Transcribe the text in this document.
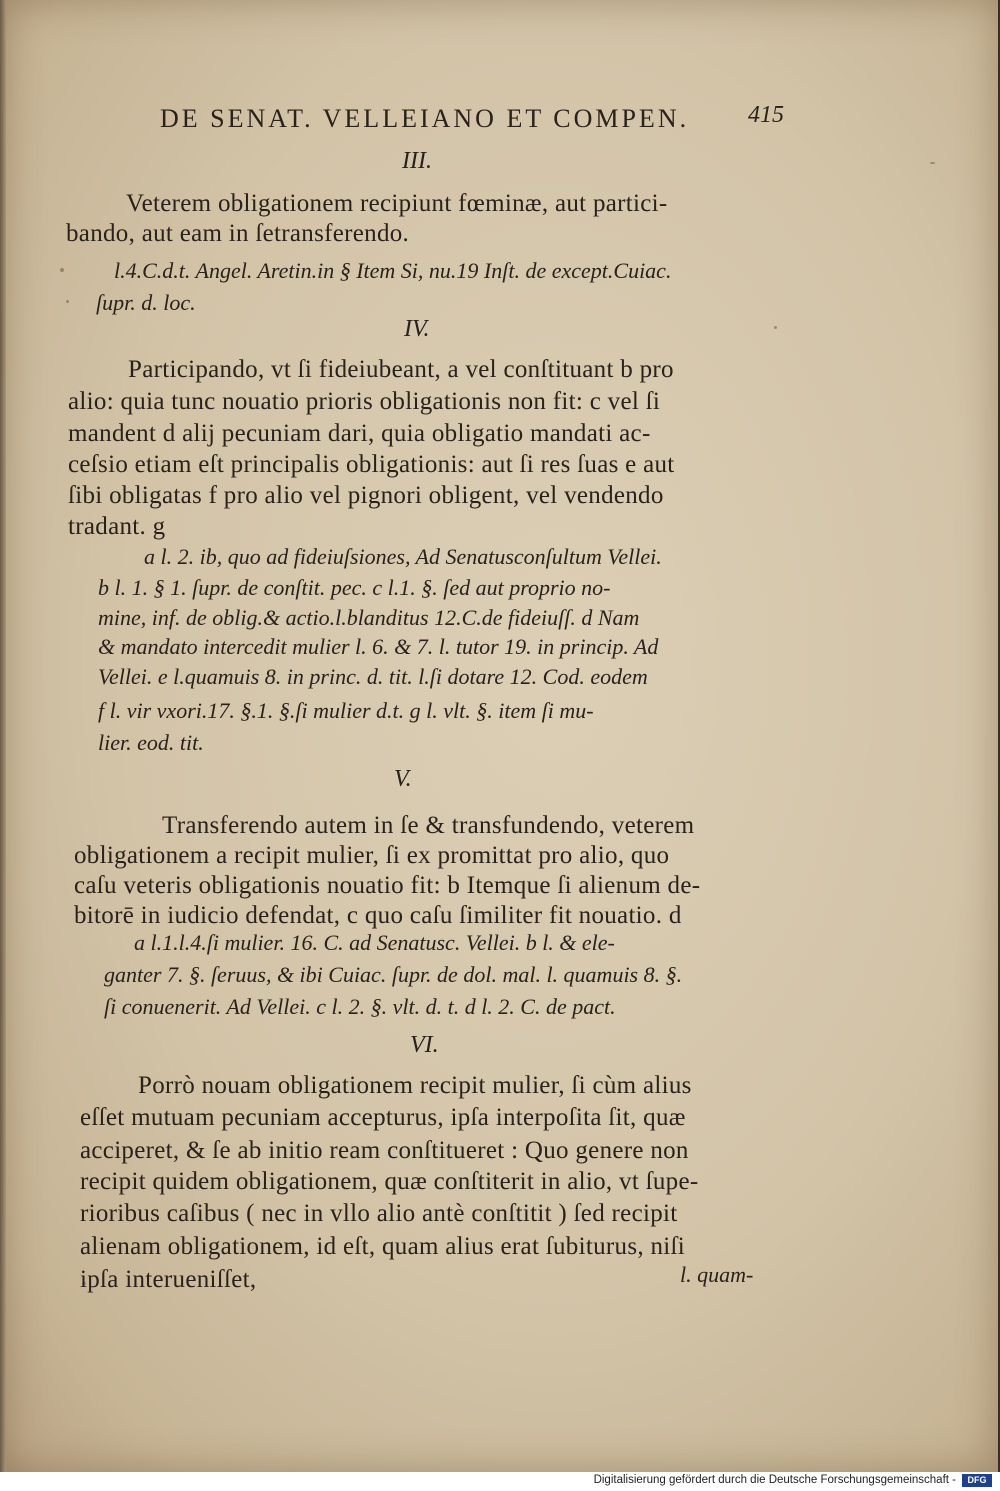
DE SENAT. VELLEIANO ET COMPEN. 415
III.
Veterem obligationem recipiunt fœminæ, aut partici-
bando, aut eam in ſetransferendo.
l.4.C.d.t. Angel. Aretin.in § Item Si, nu.19 Inſt. de except.Cuiac.
ſupr. d. loc.
IV.
Participando, vt ſi fideiubeant, a vel conſtituant b pro
alio: quia tunc nouatio prioris obligationis non fit: c vel ſi
mandent d alij pecuniam dari, quia obligatio mandati ac-
ceſsio etiam eſt principalis obligationis: aut ſi res ſuas e aut
ſibi obligatas f pro alio vel pignori obligent, vel vendendo
tradant. g
a l. 2. ib, quo ad fideiuſsiones, Ad Senatusconſultum Vellei.
b l. 1. § 1. ſupr. de conſtit. pec. c l.1. §. ſed aut proprio no-
mine, inf. de oblig.& actio.l.blanditus 12.C.de fideiuſſ. d Nam
& mandato intercedit mulier l. 6. & 7. l. tutor 19. in princip. Ad
Vellei. e l.quamuis 8. in princ. d. tit. l.ſi dotare 12. Cod. eodem
f l. vir vxori.17. §.1. §.ſi mulier d.t. g l. vlt. §. item ſi mu-
lier. eod. tit.
V.
Transferendo autem in ſe & transfundendo, veterem
obligationem a recipit mulier, ſi ex promittat pro alio, quo
caſu veteris obligationis nouatio fit: b Itemque ſi alienum de-
bitorē in iudicio defendat, c quo caſu ſimiliter fit nouatio. d
a l.1.l.4.ſi mulier. 16. C. ad Senatusc. Vellei. b l. & ele-
ganter 7. §. ſeruus, & ibi Cuiac. ſupr. de dol. mal. l. quamuis 8. §.
ſi conuenerit. Ad Vellei. c l. 2. §. vlt. d. t. d l. 2. C. de pact.
VI.
Porrò nouam obligationem recipit mulier, ſi cùm alius
eſſet mutuam pecuniam accepturus, ipſa interpoſita ſit, quæ
acciperet, & ſe ab initio ream conſtitueret : Quo genere non
recipit quidem obligationem, quæ conſtiterit in alio, vt ſupe-
rioribus caſibus ( nec in vllo alio antè conſtitit ) ſed recipit
alienam obligationem, id eſt, quam alius erat ſubiturus, niſi
ipſa interueniſſet,	l. quam-
Digitalisierung gefördert durch die Deutsche Forschungsgemeinschaft -	DFG
